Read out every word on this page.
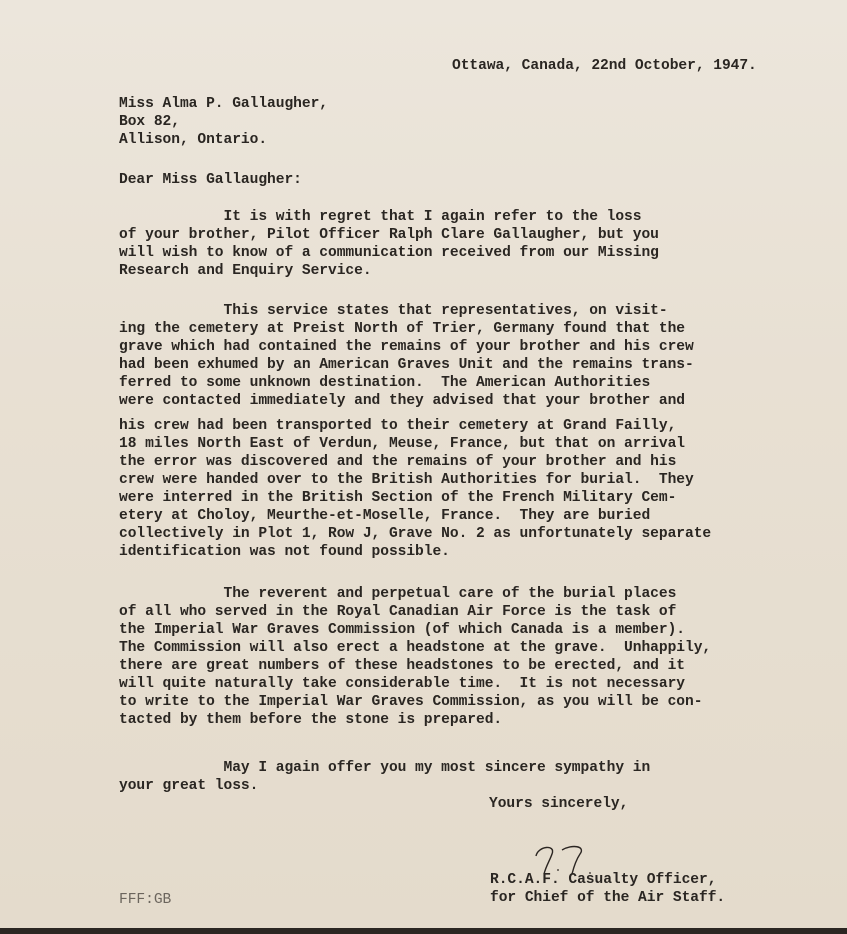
Ottawa, Canada, 22nd October, 1947.
Miss Alma P. Gallaugher,
Box 82,
Allison, Ontario.
Dear Miss Gallaugher:
It is with regret that I again refer to the loss
of your brother, Pilot Officer Ralph Clare Gallaugher, but you
will wish to know of a communication received from our Missing
Research and Enquiry Service.
This service states that representatives, on visit-
ing the cemetery at Preist North of Trier, Germany found that the
grave which had contained the remains of your brother and his crew
had been exhumed by an American Graves Unit and the remains trans-
ferred to some unknown destination.  The American Authorities
were contacted immediately and they advised that your brother and
his crew had been transported to their cemetery at Grand Failly,
18 miles North East of Verdun, Meuse, France, but that on arrival
the error was discovered and the remains of your brother and his
crew were handed over to the British Authorities for burial.  They
were interred in the British Section of the French Military Cem-
etery at Choloy, Meurthe-et-Moselle, France.  They are buried
collectively in Plot 1, Row J, Grave No. 2 as unfortunately separate
identification was not found possible.
The reverent and perpetual care of the burial places
of all who served in the Royal Canadian Air Force is the task of
the Imperial War Graves Commission (of which Canada is a member).
The Commission will also erect a headstone at the grave.  Unhappily,
there are great numbers of these headstones to be erected, and it
will quite naturally take considerable time.  It is not necessary
to write to the Imperial War Graves Commission, as you will be con-
tacted by them before the stone is prepared.
May I again offer you my most sincere sympathy in
your great loss.
Yours sincerely,
R.C.A.F. Casualty Officer,
for Chief of the Air Staff.
FFF:GB
